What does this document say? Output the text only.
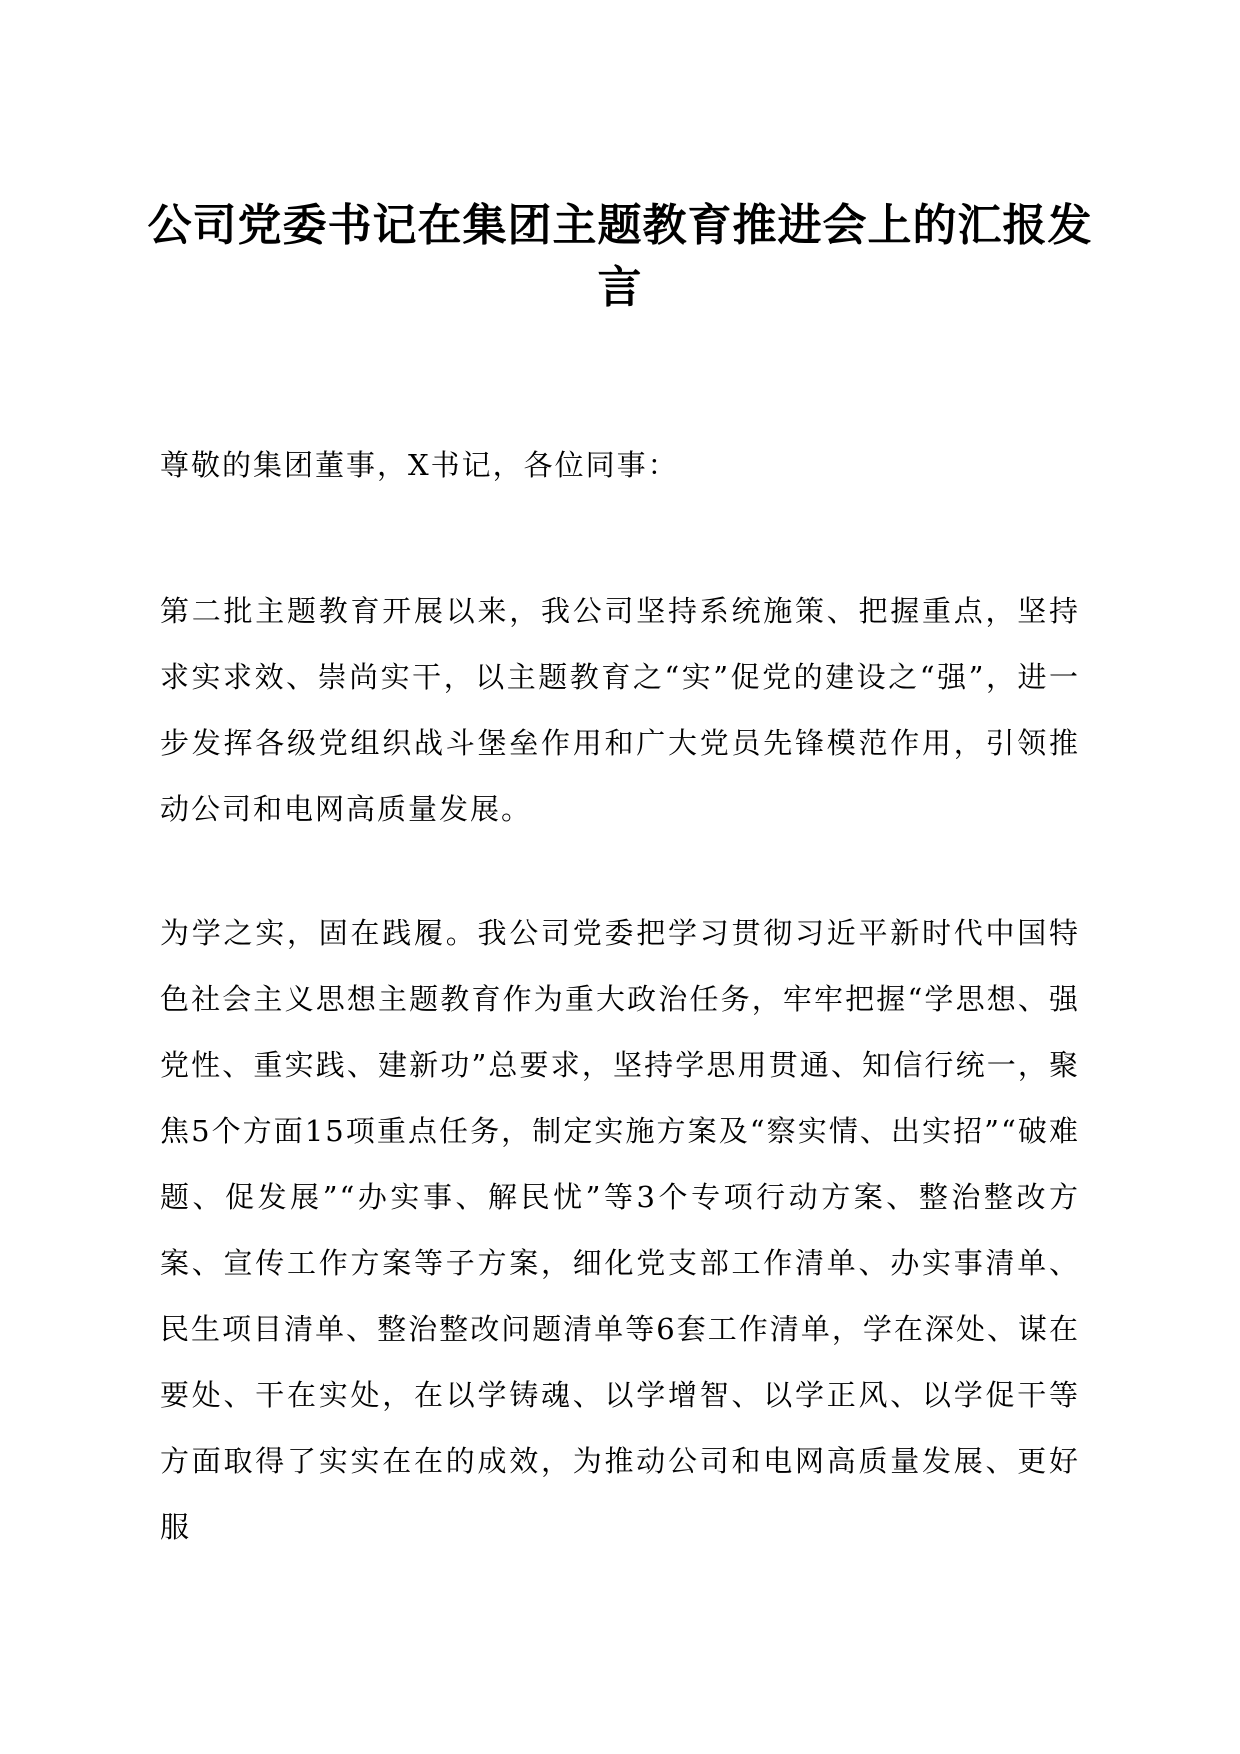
公司党委书记在集团主题教育推进会上的汇报发言

尊敬的集团董事，X书记，各位同事：

第二批主题教育开展以来，我公司坚持系统施策、把握重点，坚持求实求效、崇尚实干，以主题教育之“实”促党的建设之“强”，进一步发挥各级党组织战斗堡垒作用和广大党员先锋模范作用，引领推动公司和电网高质量发展。

为学之实，固在践履。我公司党委把学习贯彻习近平新时代中国特色社会主义思想主题教育作为重大政治任务，牢牢把握“学思想、强党性、重实践、建新功”总要求，坚持学思用贯通、知信行统一，聚焦5个方面15项重点任务，制定实施方案及“察实情、出实招”“破难题、促发展”“办实事、解民忧”等3个专项行动方案、整治整改方案、宣传工作方案等子方案，细化党支部工作清单、办实事清单、民生项目清单、整治整改问题清单等6套工作清单，学在深处、谋在要处、干在实处，在以学铸魂、以学增智、以学正风、以学促干等方面取得了实实在在的成效，为推动公司和电网高质量发展、更好服
